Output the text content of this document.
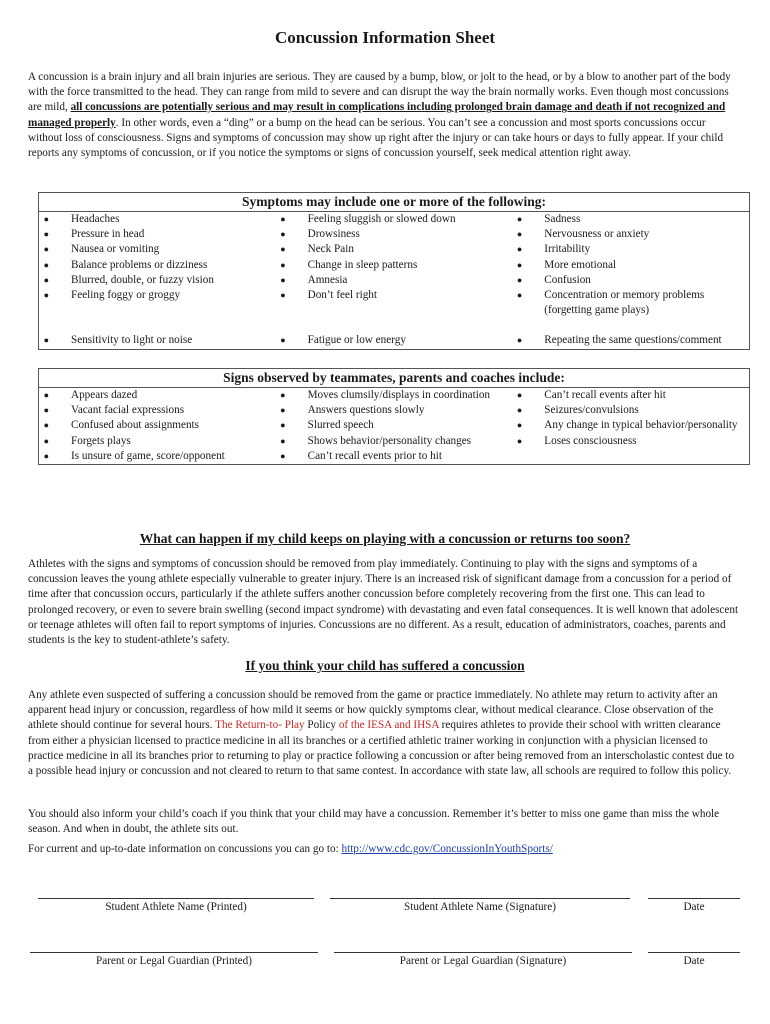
Concussion Information Sheet

A concussion is a brain injury and all brain injuries are serious. They are caused by a bump, blow, or jolt to the head, or by a blow to another part of the body with the force transmitted to the head. They can range from mild to severe and can disrupt the way the brain normally works. Even though most concussions are mild, all concussions are potentially serious and may result in complications including prolonged brain damage and death if not recognized and managed properly. In other words, even a “ding” or a bump on the head can be serious. You can’t see a concussion and most sports concussions occur without loss of consciousness. Signs and symptoms of concussion may show up right after the injury or can take hours or days to fully appear. If your child reports any symptoms of concussion, or if you notice the symptoms or signs of concussion yourself, seek medical attention right away.

Symptoms may include one or more of the following:		

● Headaches	● Feeling sluggish or slowed down	● Sadness

● Pressure in head	● Drowsiness	● Nervousness or anxiety

● Nausea or vomiting	● Neck Pain	● Irritability

● Balance problems or dizziness	● Change in sleep patterns	● More emotional

● Blurred, double, or fuzzy vision	● Amnesia	● Confusion

● Feeling foggy or groggy	● Don’t feel right	● Concentration or memory problems (forgetting game plays)

● Sensitivity to light or noise	● Fatigue or low energy	● Repeating the same questions/comment
Signs observed by teammates, parents and coaches include:		

● Appears dazed	● Moves clumsily/displays in coordination	● Can’t recall events after hit

● Vacant facial expressions	● Answers questions slowly	● Seizures/convulsions

● Confused about assignments	● Slurred speech	● Any change in typical behavior/personality

● Forgets plays	● Shows behavior/personality changes	● Loses consciousness

● Is unsure of game, score/opponent	● Can’t recall events prior to hit	

What can happen if my child keeps on playing with a concussion or returns too soon?

Athletes with the signs and symptoms of concussion should be removed from play immediately. Continuing to play with the signs and symptoms of a concussion leaves the young athlete especially vulnerable to greater injury. There is an increased risk of significant damage from a concussion for a period of time after that concussion occurs, particularly if the athlete suffers another concussion before completely recovering from the first one. This can lead to prolonged recovery, or even to severe brain swelling (second impact syndrome) with devastating and even fatal consequences. It is well known that adolescent or teenage athletes will often fail to report symptoms of injuries. Concussions are no different. As a result, education of administrators, coaches, parents and students is the key to student-athlete’s safety.

If you think your child has suffered a concussion

Any athlete even suspected of suffering a concussion should be removed from the game or practice immediately. No athlete may return to activity after an apparent head injury or concussion, regardless of how mild it seems or how quickly symptoms clear, without medical clearance. Close observation of the athlete should continue for several hours. The Return-to- Play Policy of the IESA and IHSA requires athletes to provide their school with written clearance from either a physician licensed to practice medicine in all its branches or a certified athletic trainer working in conjunction with a physician licensed to practice medicine in all its branches prior to returning to play or practice following a concussion or after being removed from an interscholastic contest due to a possible head injury or concussion and not cleared to return to that same contest. In accordance with state law, all schools are required to follow this policy.

You should also inform your child’s coach if you think that your child may have a concussion. Remember it’s better to miss one game than miss the whole season. And when in doubt, the athlete sits out.

For current and up-to-date information on concussions you can go to: http://www.cdc.gov/ConcussionInYouthSports/

Student Athlete Name (Printed)	Student Athlete Name (Signature)	Date
Parent or Legal Guardian (Printed)	Parent or Legal Guardian (Signature)	Date
